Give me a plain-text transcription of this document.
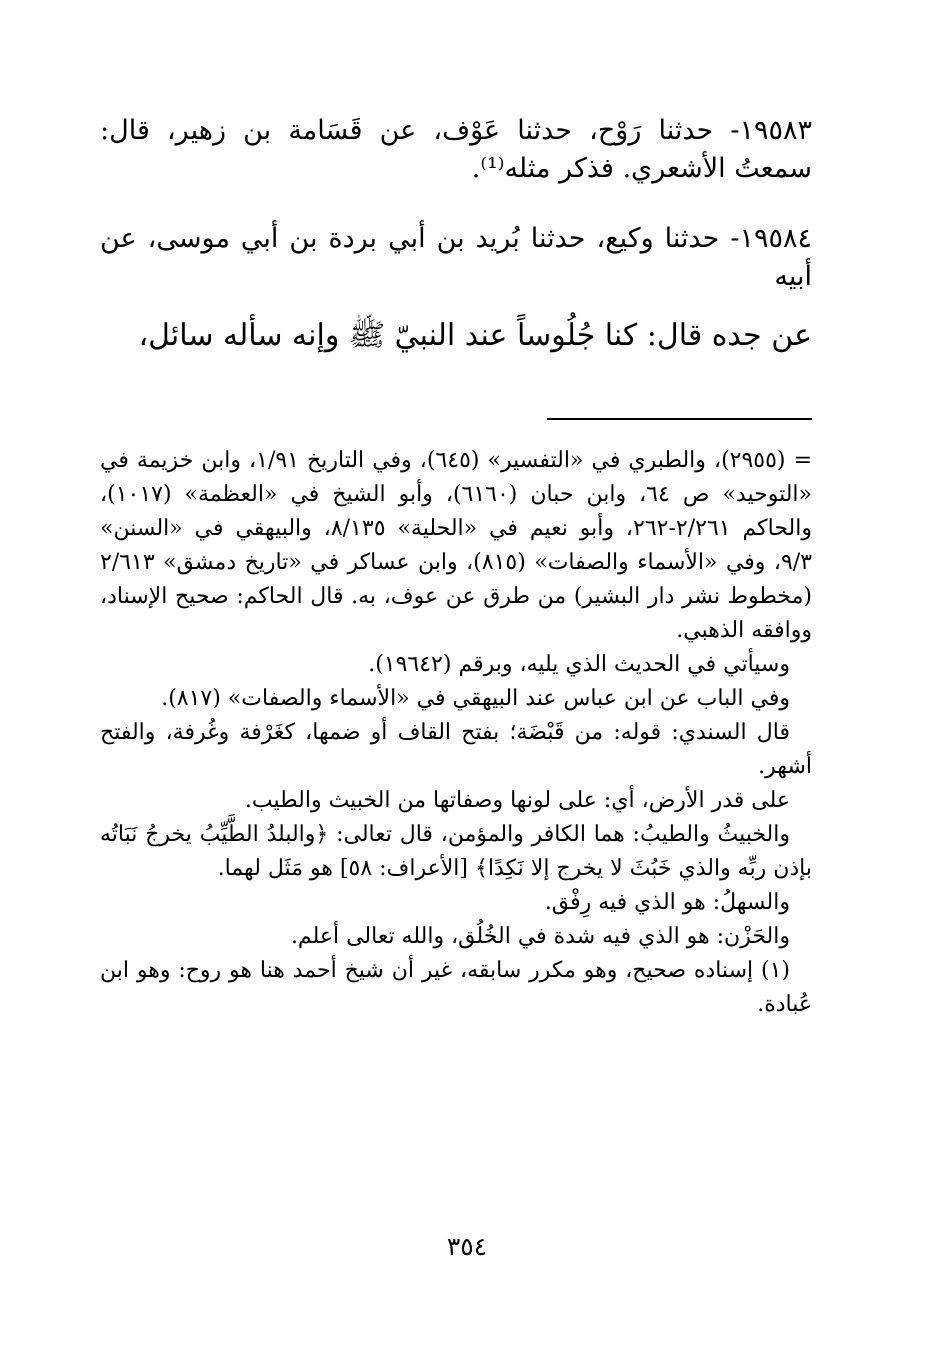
١٩٥٨٣- حدثنا رَوْح، حدثنا عَوْف، عن قَسَامة بن زهير، قال: سمعتُ الأشعري. فذكر مثله⁽¹⁾.

١٩٥٨٤- حدثنا وكيع، حدثنا بُريد بن أبي بردة بن أبي موسى، عن أبيه

عن جده قال: كنا جُلُوساً عند النبيّ ﷺ وإنه سأله سائل،

= (٢٩٥٥)، والطبري في «التفسير» (٦٤٥)، وفي التاريخ ١/٩١، وابن خزيمة في «التوحيد» ص ٦٤، وابن حبان (٦١٦٠)، وأبو الشيخ في «العظمة» (١٠١٧)، والحاكم ٢/٢٦١-٢٦٢، وأبو نعيم في «الحلية» ٨/١٣٥، والبيهقي في «السنن» ٩/٣، وفي «الأسماء والصفات» (٨١٥)، وابن عساكر في «تاريخ دمشق» ٢/٦١٣ (مخطوط نشر دار البشير) من طرق عن عوف، به. قال الحاكم: صحيح الإسناد، ووافقه الذهبي.

وسيأتي في الحديث الذي يليه، وبرقم (١٩٦٤٢).

وفي الباب عن ابن عباس عند البيهقي في «الأسماء والصفات» (٨١٧).

قال السندي: قوله: من قَبْضَة؛ بفتح القاف أو ضمها، كغَرْفة وغُرفة، والفتح أشهر.

على قدر الأرض، أي: على لونها وصفاتها من الخبيث والطيب.

والخبيثُ والطيبُ: هما الكافر والمؤمن، قال تعالى: ﴿والبلدُ الطَّيِّبُ يخرجُ نَبَاتُه بإذن ربِّه والذي خَبُثَ لا يخرج إلا نَكِدًا﴾ [الأعراف: ٥٨] هو مَثَل لهما.

والسهلُ: هو الذي فيه رِفْق.

والحَزْن: هو الذي فيه شدة في الخُلُق، والله تعالى أعلم.

(١) إسناده صحيح، وهو مكرر سابقه، غير أن شيخ أحمد هنا هو روح: وهو ابن عُبادة.

٣٥٤
